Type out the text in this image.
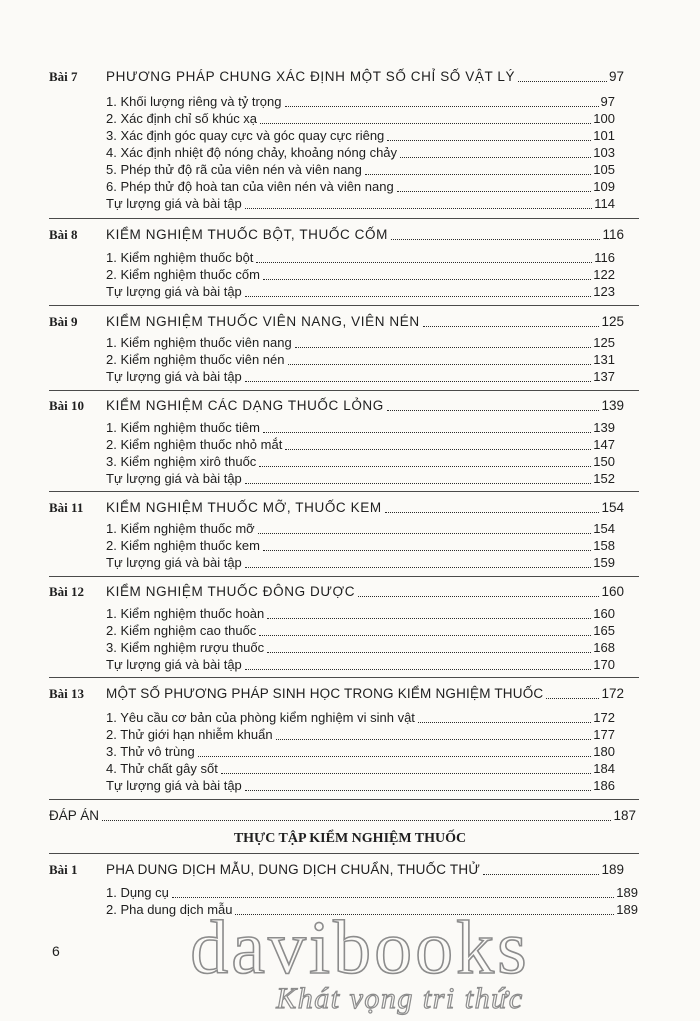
Bài 7	PHƯƠNG PHÁP CHUNG XÁC ĐỊNH MỘT SỐ CHỈ SỐ VẬT LÝ	97
1. Khối lượng riêng và tỷ trọng	97
2. Xác định chỉ số khúc xạ	100
3. Xác định góc quay cực và góc quay cực riêng	101
4. Xác định nhiệt độ nóng chảy, khoảng nóng chảy	103
5. Phép thử độ rã của viên nén và viên nang	105
6. Phép thử độ hoà tan của viên nén và viên nang	109
Tự lượng giá và bài tập	114
Bài 8	KIỂM NGHIỆM THUỐC BỘT, THUỐC CỐM	116
1. Kiểm nghiệm thuốc bột	116
2. Kiểm nghiệm thuốc cốm	122
Tự lượng giá và bài tập	123
Bài 9	KIỂM NGHIỆM THUỐC VIÊN NANG, VIÊN NÉN	125
1. Kiểm nghiệm thuốc viên nang	125
2. Kiểm nghiệm thuốc viên nén	131
Tự lượng giá và bài tập	137
Bài 10	KIỂM NGHIỆM CÁC DẠNG THUỐC LỎNG	139
1. Kiểm nghiệm thuốc tiêm	139
2. Kiểm nghiệm thuốc nhỏ mắt	147
3. Kiểm nghiệm xirô thuốc	150
Tự lượng giá và bài tập	152
Bài 11	KIỂM NGHIỆM THUỐC MỠ, THUỐC KEM	154
1. Kiểm nghiệm thuốc mỡ	154
2. Kiểm nghiệm thuốc kem	158
Tự lượng giá và bài tập	159
Bài 12	KIỂM NGHIỆM THUỐC ĐÔNG DƯỢC	160
1. Kiểm nghiệm thuốc hoàn	160
2. Kiểm nghiệm cao thuốc	165
3. Kiểm nghiệm rượu thuốc	168
Tự lượng giá và bài tập	170
Bài 13	MỘT SỐ PHƯƠNG PHÁP SINH HỌC TRONG KIỂM NGHIỆM THUỐC	172
1. Yêu cầu cơ bản của phòng kiểm nghiệm vi sinh vật	172
2. Thử giới hạn nhiễm khuẩn	177
3. Thử vô trùng	180
4. Thử chất gây sốt	184
Tự lượng giá và bài tập	186
ĐÁP ÁN	187
THỰC TẬP KIỂM NGHIỆM THUỐC
Bài 1	PHA DUNG DỊCH MẪU, DUNG DỊCH CHUẨN, THUỐC THỬ	189
1. Dụng cụ	189
2. Pha dung dịch mẫu	189
6	davibooks
Khát vọng tri thức
